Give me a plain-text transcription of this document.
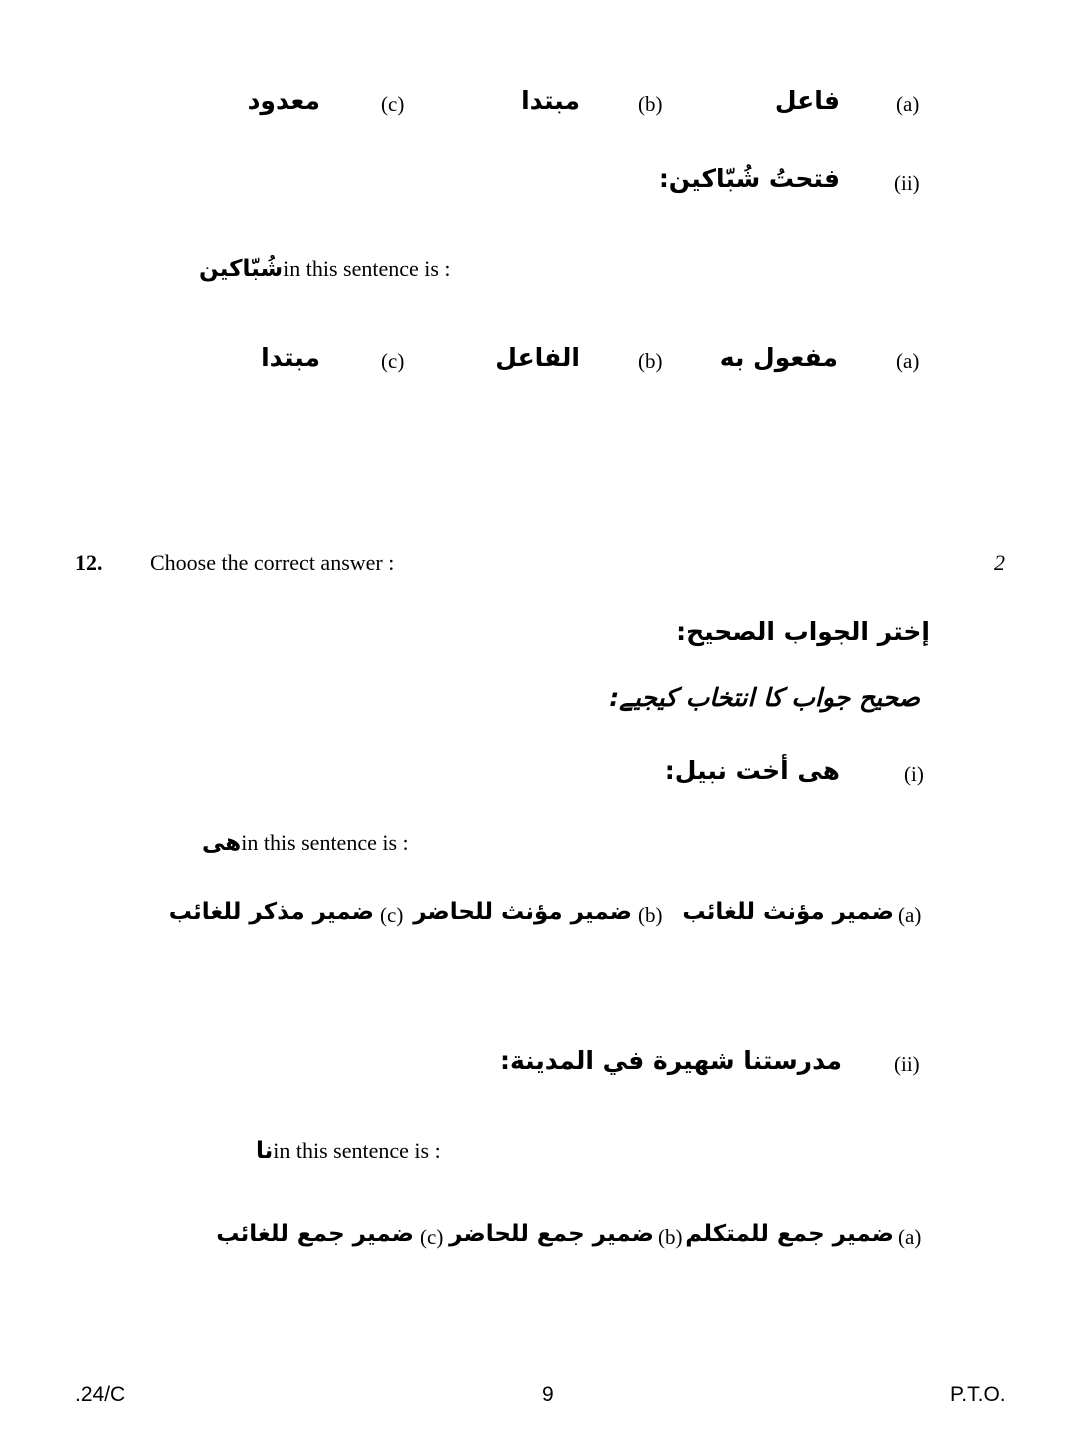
(a)
فاعل
(b)
مبتدا
(c)
معدود
(ii)
فتحتُ شُبّاكين:
شُبّاكين in this sentence is :
(a)
مفعول به
(b)
الفاعل
(c)
مبتدا
12. Choose the correct answer :	2
إختر الجواب الصحيح:
صحیح جواب کا انتخاب کیجیے:
(i)
هى أخت نبيل:
هى in this sentence is :
(a)
ضمير مؤنث للغائب
(b)
ضمير مؤنث للحاضر
(c)
ضمير مذكر للغائب
(ii)
مدرستنا شهيرة في المدينة:
نا in this sentence is :
(a)
ضمير جمع للمتكلم
(b)
ضمير جمع للحاضر
(c)
ضمير جمع للغائب
.24/C	9	P.T.O.
